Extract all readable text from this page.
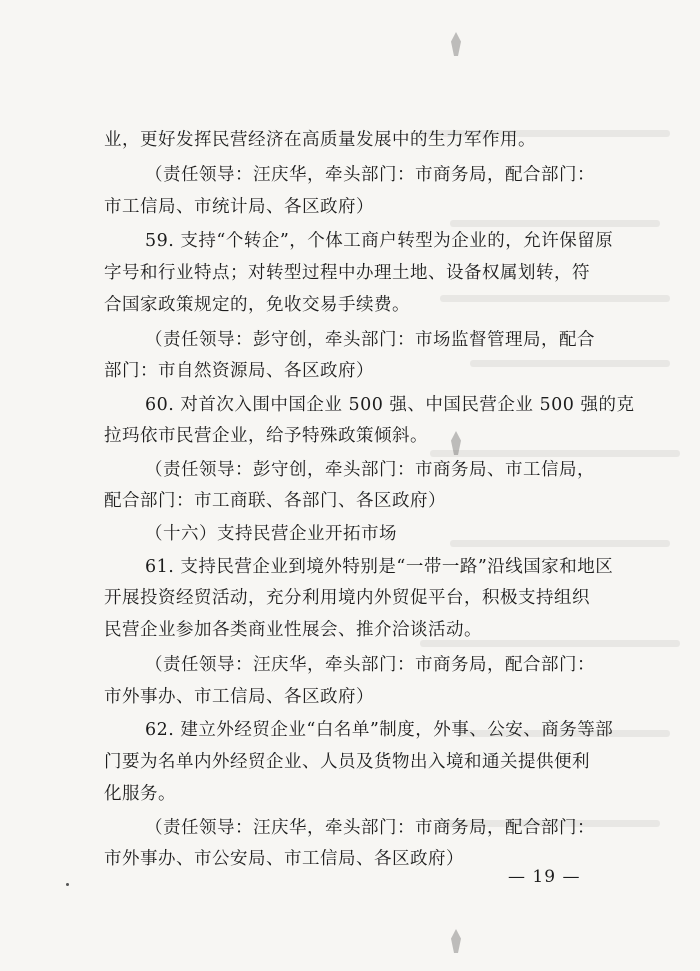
业，更好发挥民营经济在高质量发展中的生力军作用。
（责任领导：汪庆华，牵头部门：市商务局，配合部门：
市工信局、市统计局、各区政府）
59. 支持“个转企”，个体工商户转型为企业的，允许保留原
字号和行业特点；对转型过程中办理土地、设备权属划转，符
合国家政策规定的，免收交易手续费。
（责任领导：彭守创，牵头部门：市场监督管理局，配合
部门：市自然资源局、各区政府）
60. 对首次入围中国企业 500 强、中国民营企业 500 强的克
拉玛依市民营企业，给予特殊政策倾斜。
（责任领导：彭守创，牵头部门：市商务局、市工信局，
配合部门：市工商联、各部门、各区政府）
（十六）支持民营企业开拓市场
61. 支持民营企业到境外特别是“一带一路”沿线国家和地区
开展投资经贸活动，充分利用境内外贸促平台，积极支持组织
民营企业参加各类商业性展会、推介洽谈活动。
（责任领导：汪庆华，牵头部门：市商务局，配合部门：
市外事办、市工信局、各区政府）
62. 建立外经贸企业“白名单”制度，外事、公安、商务等部
门要为名单内外经贸企业、人员及货物出入境和通关提供便利
化服务。
（责任领导：汪庆华，牵头部门：市商务局，配合部门：
市外事办、市公安局、市工信局、各区政府）
— 19 —
